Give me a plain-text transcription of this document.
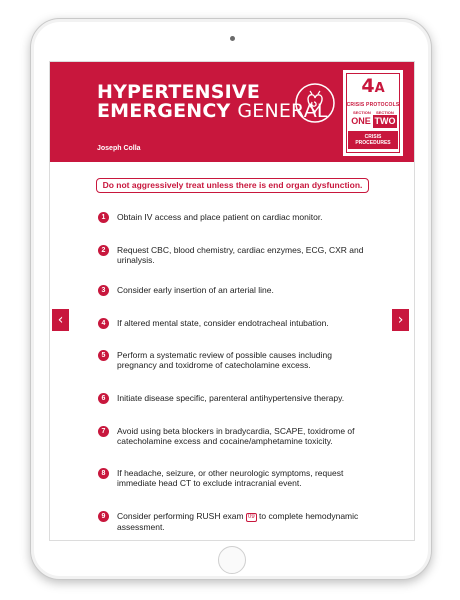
HYPERTENSIVE
EMERGENCY GENERAL
Joseph Colla
4A
CRISIS PROTOCOLS
SECTION SECTION
ONE TWO
CRISIS
PROCEDURES
Do not aggressively treat unless there is end organ dysfunction.
1	Obtain IV access and place patient on cardiac monitor.
2	Request CBC, blood chemistry, cardiac enzymes, ECG, CXR and urinalysis.
3	Consider early insertion of an arterial line.
4	If altered mental state, consider endotracheal intubation.
5	Perform a systematic review of possible causes including pregnancy and toxidrome of catecholamine excess.
6	Initiate disease specific, parenteral antihypertensive therapy.
7	Avoid using beta blockers in bradycardia, SCAPE, toxidrome of catecholamine excess and cocaine/amphetamine toxicity.
8	If headache, seizure, or other neurologic symptoms, request immediate head CT to exclude intracranial event.
9	Consider performing RUSH exam 09 to complete hemodynamic assessment.
‹	›
